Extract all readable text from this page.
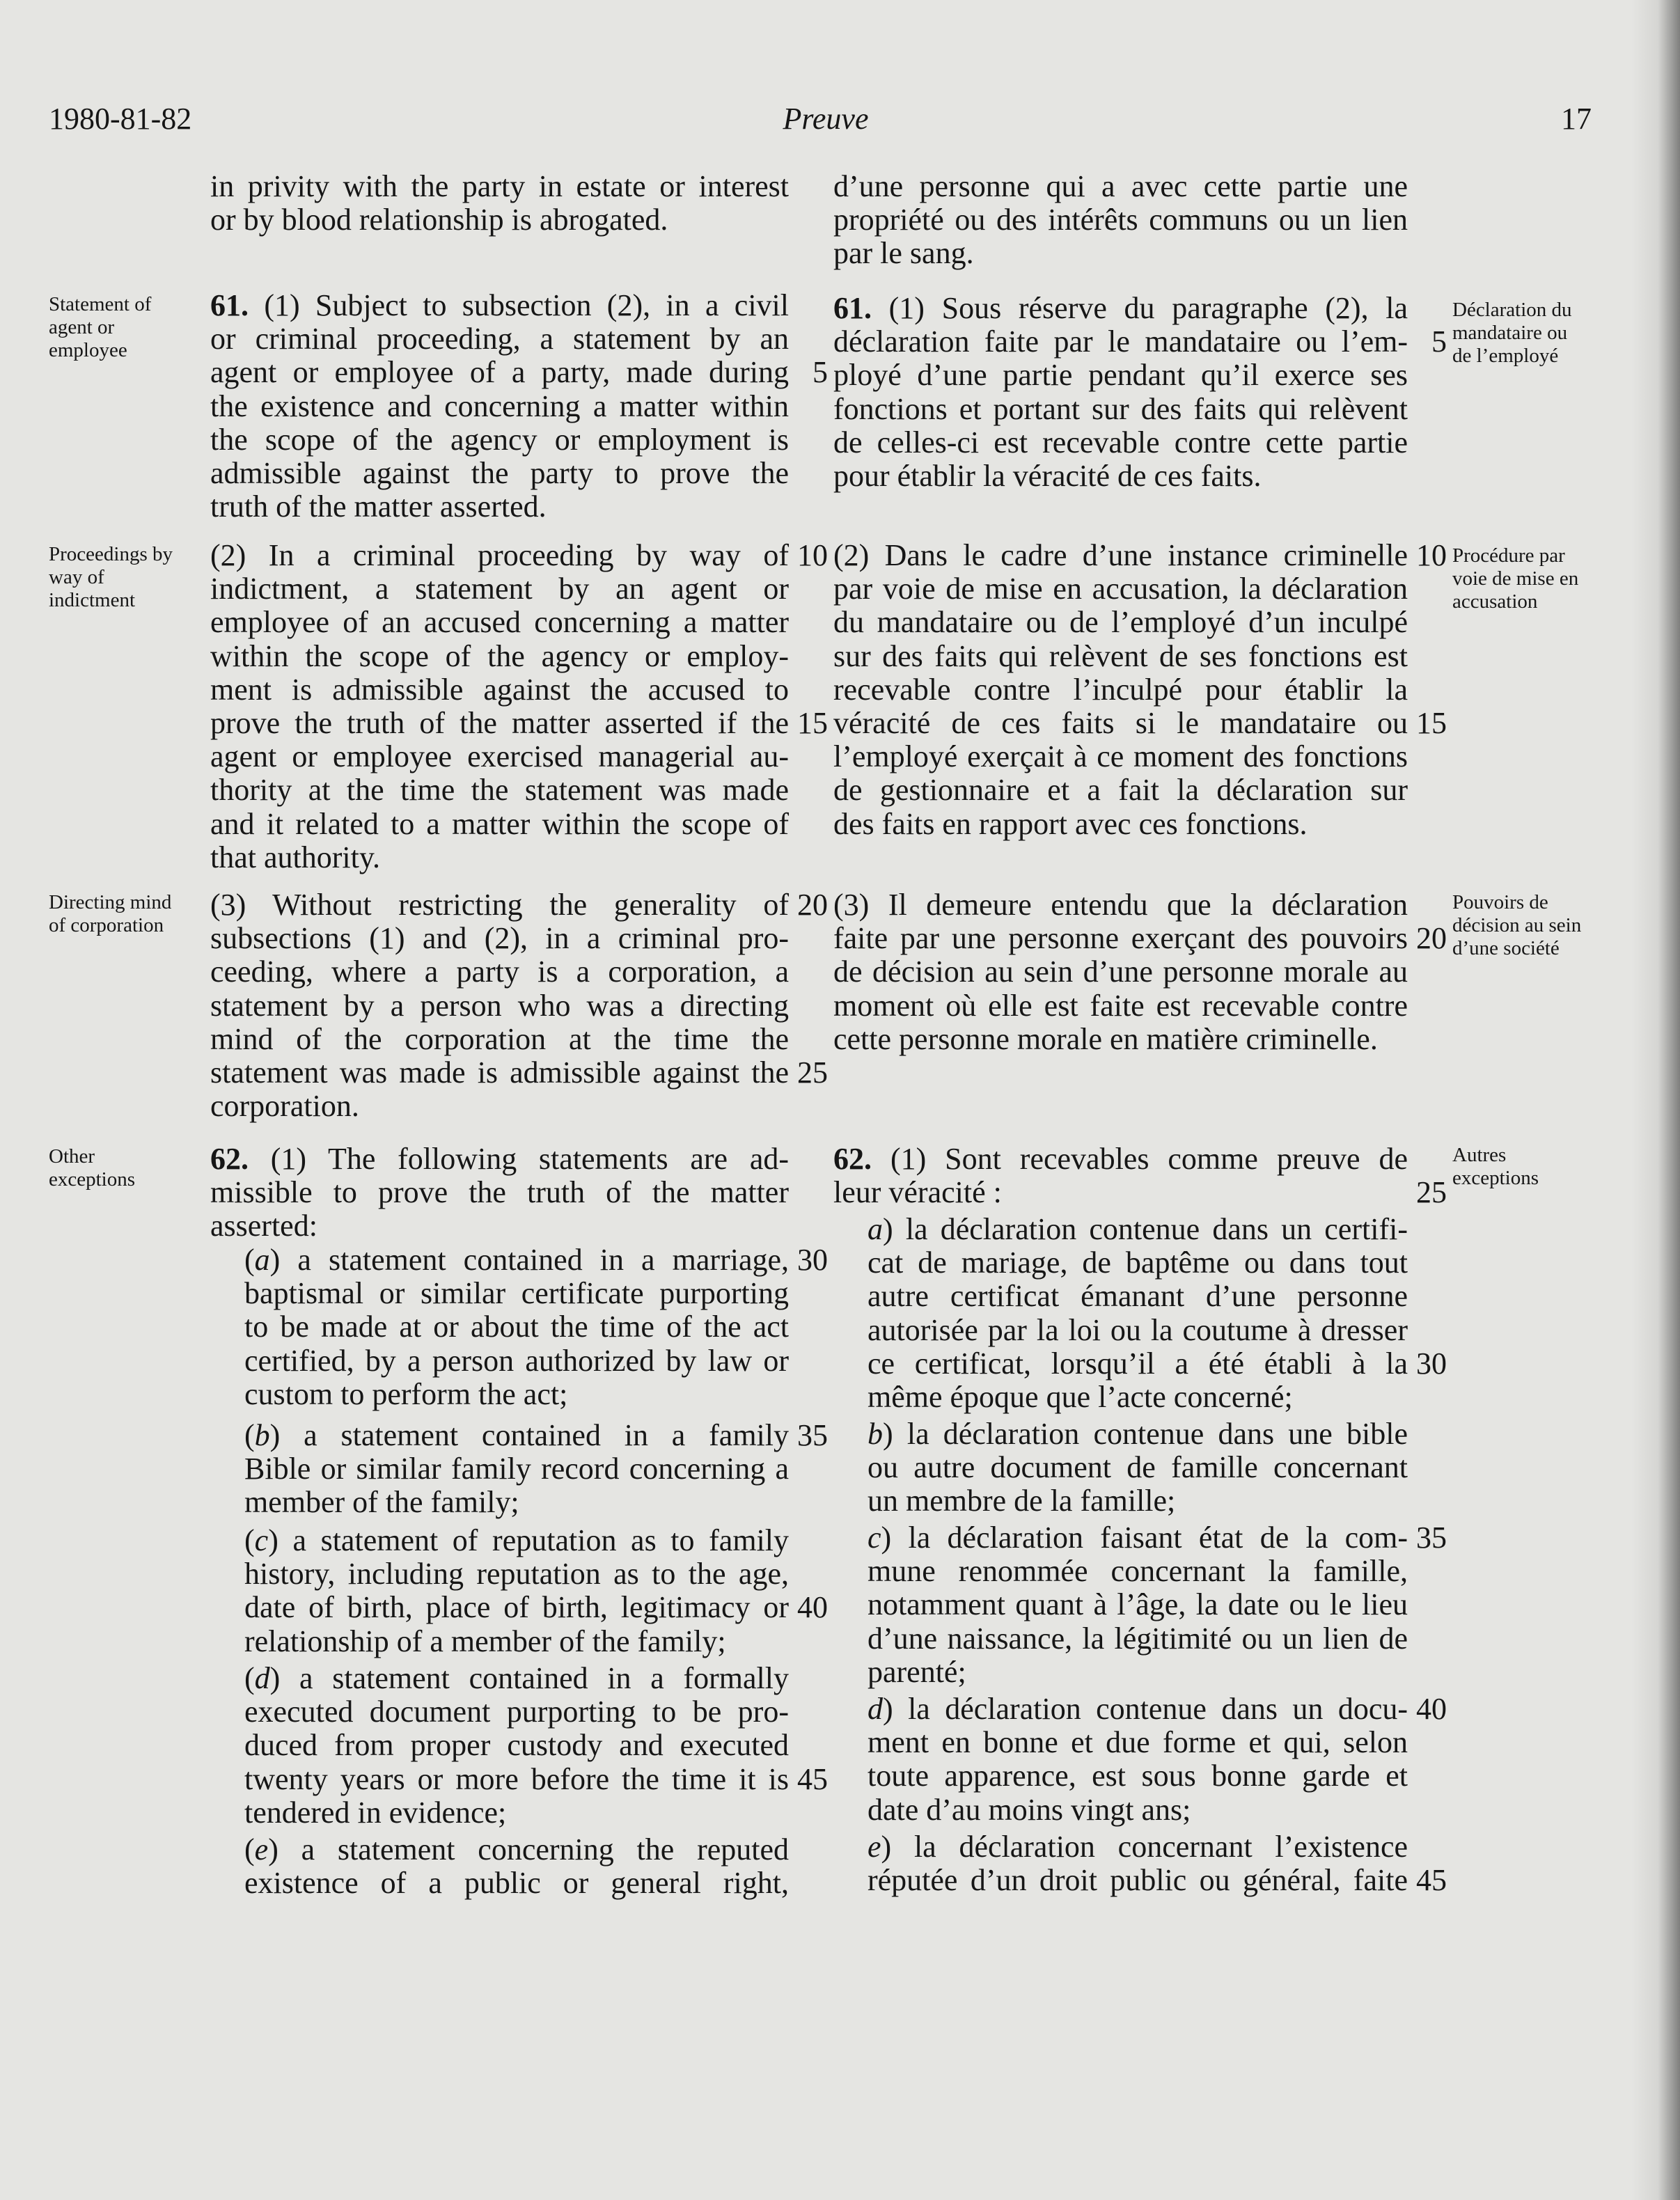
1980-81-82	Preuve	17
Statement of
agent or
employee
Proceedings by
way of
indictment
Directing mind
of corporation
Other
exceptions
in privity with the party in estate or interest
or by blood relationship is abrogated.
61. (1) Subject to subsection (2), in a civil
or criminal proceeding, a statement by an
agent or employee of a party, made during
the existence and concerning a matter within
the scope of the agency or employment is
admissible against the party to prove the
truth of the matter asserted.
(2) In a criminal proceeding by way of
indictment, a statement by an agent or
employee of an accused concerning a matter
within the scope of the agency or employ-
ment is admissible against the accused to
prove the truth of the matter asserted if the
agent or employee exercised managerial au-
thority at the time the statement was made
and it related to a matter within the scope of
that authority.
(3) Without restricting the generality of
subsections (1) and (2), in a criminal pro-
ceeding, where a party is a corporation, a
statement by a person who was a directing
mind of the corporation at the time the
statement was made is admissible against the
corporation.
62. (1) The following statements are ad-
missible to prove the truth of the matter
asserted:
(a) a statement contained in a marriage,
baptismal or similar certificate purporting
to be made at or about the time of the act
certified, by a person authorized by law or
custom to perform the act;
(b) a statement contained in a family
Bible or similar family record concerning a
member of the family;
(c) a statement of reputation as to family
history, including reputation as to the age,
date of birth, place of birth, legitimacy or
relationship of a member of the family;
(d) a statement contained in a formally
executed document purporting to be pro-
duced from proper custody and executed
twenty years or more before the time it is
tendered in evidence;
(e) a statement concerning the reputed
existence of a public or general right,
5
10
15
20
25
30
35
40
45
d’une personne qui a avec cette partie une
propriété ou des intérêts communs ou un lien
par le sang.
61. (1) Sous réserve du paragraphe (2), la
déclaration faite par le mandataire ou l’em-
ployé d’une partie pendant qu’il exerce ses
fonctions et portant sur des faits qui relèvent
de celles-ci est recevable contre cette partie
pour établir la véracité de ces faits.
(2) Dans le cadre d’une instance criminelle
par voie de mise en accusation, la déclaration
du mandataire ou de l’employé d’un inculpé
sur des faits qui relèvent de ses fonctions est
recevable contre l’inculpé pour établir la
véracité de ces faits si le mandataire ou
l’employé exerçait à ce moment des fonctions
de gestionnaire et a fait la déclaration sur
des faits en rapport avec ces fonctions.
(3) Il demeure entendu que la déclaration
faite par une personne exerçant des pouvoirs
de décision au sein d’une personne morale au
moment où elle est faite est recevable contre
cette personne morale en matière criminelle.
62. (1) Sont recevables comme preuve de
leur véracité :
a) la déclaration contenue dans un certifi-
cat de mariage, de baptême ou dans tout
autre certificat émanant d’une personne
autorisée par la loi ou la coutume à dresser
ce certificat, lorsqu’il a été établi à la
même époque que l’acte concerné;
b) la déclaration contenue dans une bible
ou autre document de famille concernant
un membre de la famille;
c) la déclaration faisant état de la com-
mune renommée concernant la famille,
notamment quant à l’âge, la date ou le lieu
d’une naissance, la légitimité ou un lien de
parenté;
d) la déclaration contenue dans un docu-
ment en bonne et due forme et qui, selon
toute apparence, est sous bonne garde et
date d’au moins vingt ans;
e) la déclaration concernant l’existence
réputée d’un droit public ou général, faite
5
10
15
20
25
30
35
40
45
Déclaration du
mandataire ou
de l’employé
Procédure par
voie de mise en
accusation
Pouvoirs de
décision au sein
d’une société
Autres
exceptions
